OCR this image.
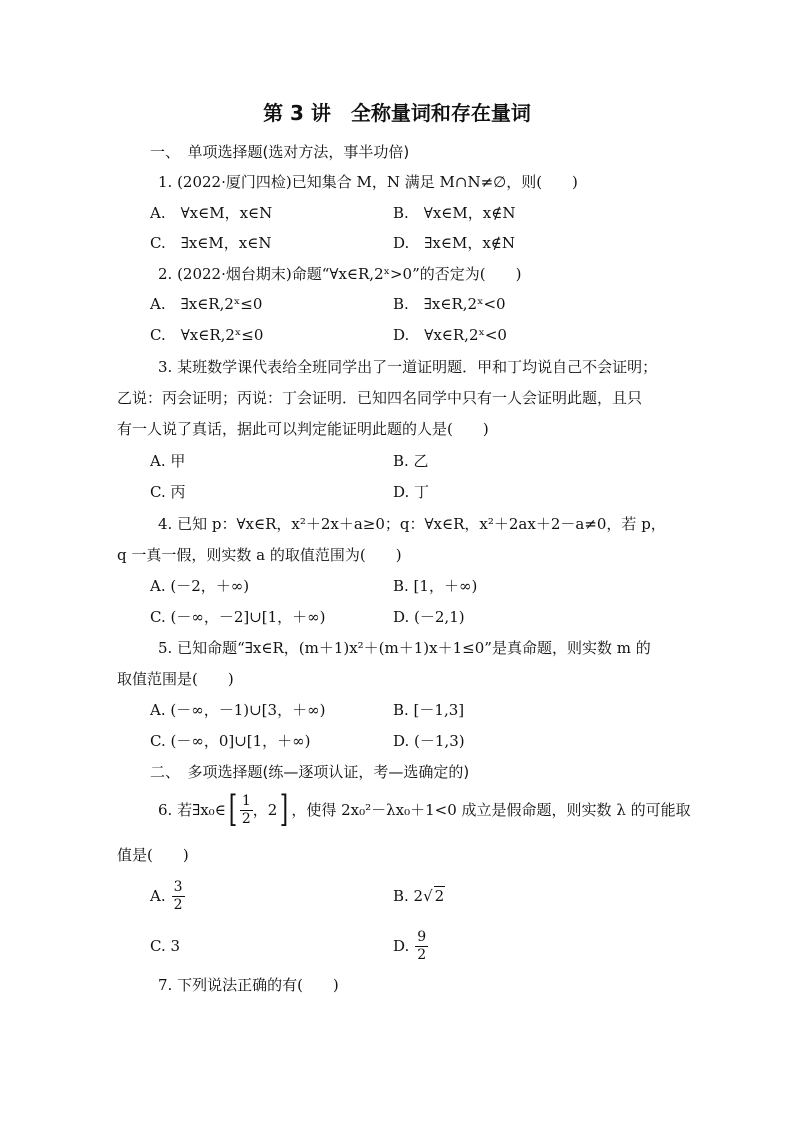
第 3 讲　全称量词和存在量词
一、　单项选择题(选对方法，事半功倍)
1. (2022·厦门四检)已知集合 M，N 满足 M∩N≠∅，则(　　)
A.　∀x∈M，x∈N	B.　∀x∈M，x∉N
C.　∃x∈M，x∈N	D.　∃x∈M，x∉N
2. (2022·烟台期末)命题“∀x∈R,2ˣ>0”的否定为(　　)
A.　∃x∈R,2ˣ≤0	B.　∃x∈R,2ˣ<0
C.　∀x∈R,2ˣ≤0	D.　∀x∈R,2ˣ<0
3. 某班数学课代表给全班同学出了一道证明题．甲和丁均说自己不会证明；
乙说：丙会证明；丙说：丁会证明．已知四名同学中只有一人会证明此题，且只
有一人说了真话，据此可以判定能证明此题的人是(　　)
A. 甲	B. 乙
C. 丙	D. 丁
4. 已知 p：∀x∈R，x²＋2x＋a≥0；q：∀x∈R，x²＋2ax＋2－a≠0，若 p，
q 一真一假，则实数 a 的取值范围为(　　)
A. (－2，＋∞)	B. [1，＋∞)
C. (－∞，－2]∪[1，＋∞)	D. (－2,1)
5. 已知命题“∃x∈R，(m＋1)x²＋(m＋1)x＋1≤0”是真命题，则实数 m 的
取值范围是(　　)
A. (－∞，－1)∪[3，＋∞)	B. [－1,3]
C. (－∞，0]∪[1，＋∞)	D. (－1,3)
二、　多项选择题(练—逐项认证，考—选确定的)
6. 若∃x₀∈ [ $\frac{1}{2}$ ，2 ] ，使得 2x₀²－λx₀＋1<0 成立是假命题，则实数 λ 的可能取
值是(　　)
A. $\frac{3}{2}$	B. 2√ 2
C. 3	D. $\frac{9}{2}$
7. 下列说法正确的有(　　)
